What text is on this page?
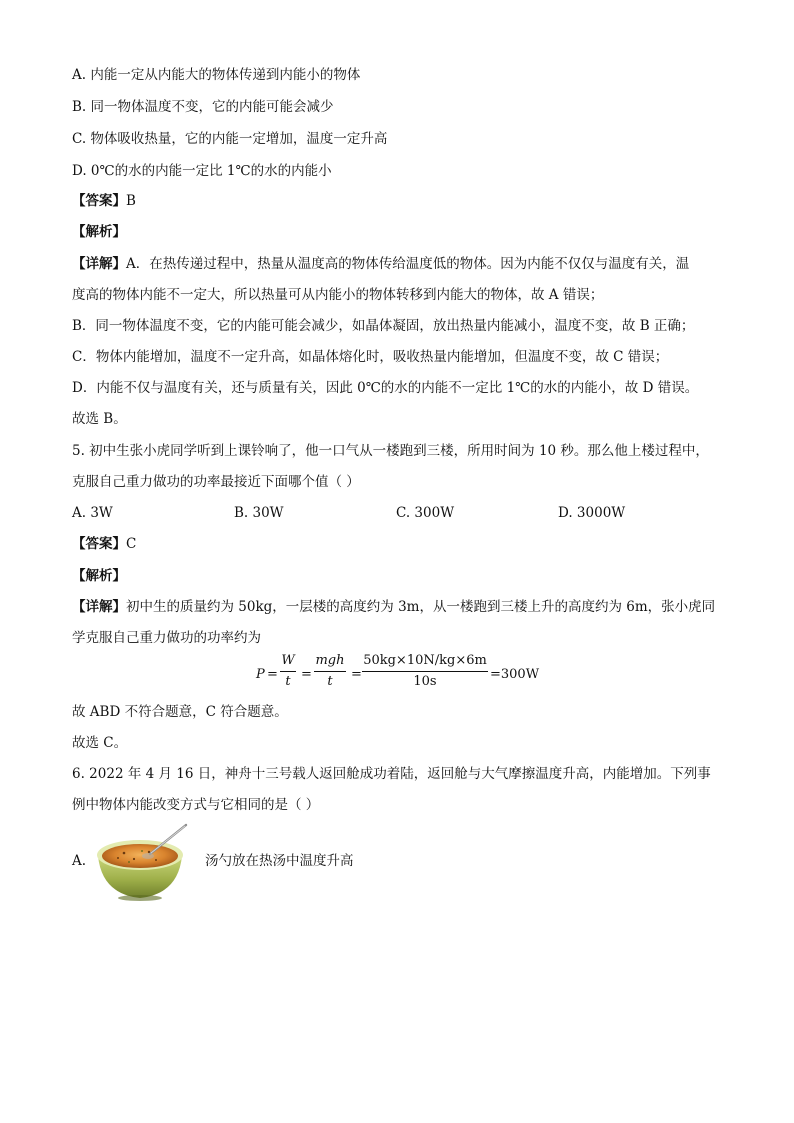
A. 内能一定从内能大的物体传递到内能小的物体
B. 同一物体温度不变，它的内能可能会减少
C. 物体吸收热量，它的内能一定增加，温度一定升高
D. 0℃的水的内能一定比 1℃的水的内能小
【答案】B
【解析】
【详解】A．在热传递过程中，热量从温度高的物体传给温度低的物体。因为内能不仅仅与温度有关，温
度高的物体内能不一定大，所以热量可从内能小的物体转移到内能大的物体，故 A 错误；
B．同一物体温度不变，它的内能可能会减少，如晶体凝固，放出热量内能减小，温度不变，故 B 正确；
C．物体内能增加，温度不一定升高，如晶体熔化时，吸收热量内能增加，但温度不变，故 C 错误；
D．内能不仅与温度有关，还与质量有关，因此 0℃的水的内能不一定比 1℃的水的内能小，故 D 错误。
故选 B。
5. 初中生张小虎同学听到上课铃响了，他一口气从一楼跑到三楼，所用时间为 10 秒。那么他上楼过程中，
克服自己重力做功的功率最接近下面哪个值（ ）
A. 3W	B. 30W	C. 300W	D. 3000W
【答案】C
【解析】
【详解】初中生的质量约为 50kg，一层楼的高度约为 3m，从一楼跑到三楼上升的高度约为 6m，张小虎同
学克服自己重力做功的功率约为
P =
W
t =
mgh
t	=
50kg×10N/kg×6m
10s	=300W
故 ABD 不符合题意，C 符合题意。
故选 C。
6. 2022 年 4 月 16 日，神舟十三号载人返回舱成功着陆，返回舱与大气摩擦温度升高，内能增加。下列事
例中物体内能改变方式与它相同的是（ ）
A.	汤勺放在热汤中温度升高
